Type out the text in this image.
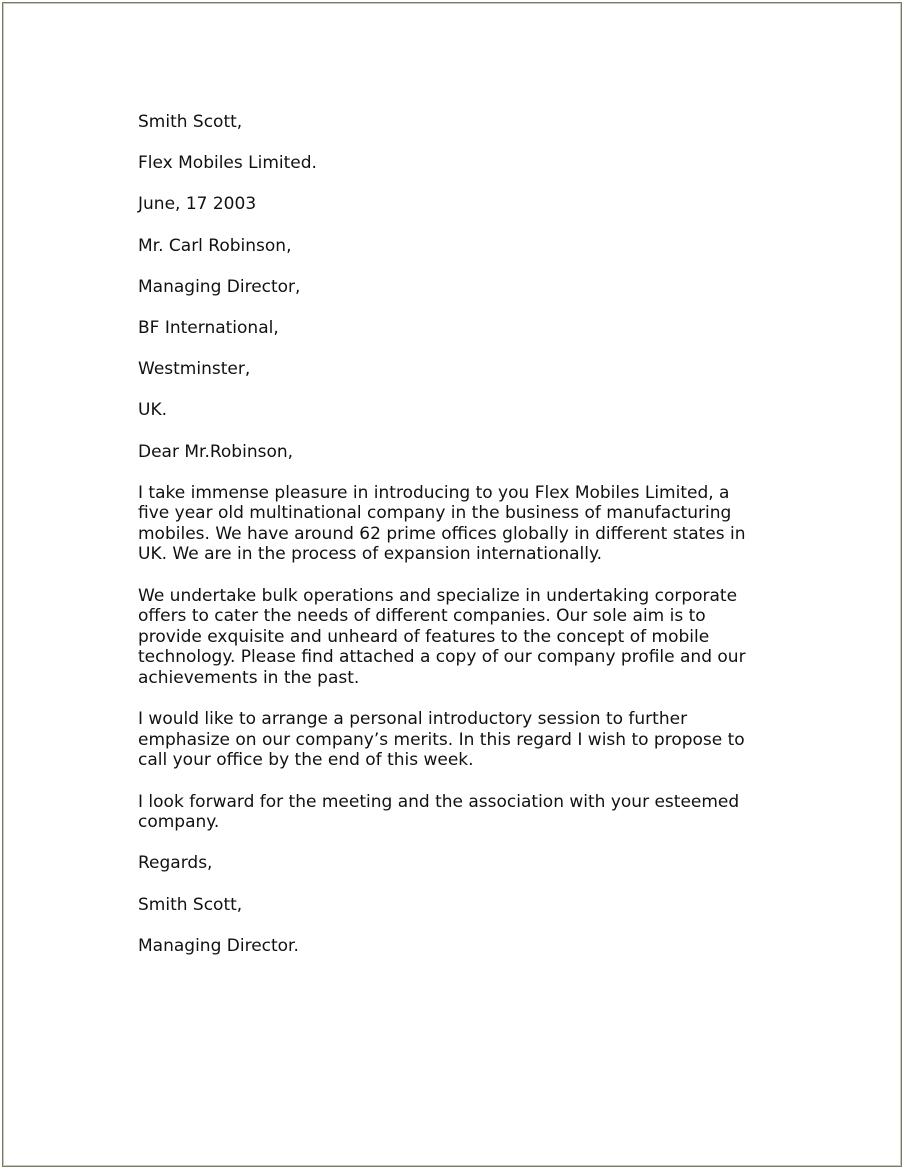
Smith Scott,

Flex Mobiles Limited.

June, 17 2003

Mr. Carl Robinson,

Managing Director,

BF International,

Westminster,

UK.

Dear Mr.Robinson,

I take immense pleasure in introducing to you Flex Mobiles Limited, a
five year old multinational company in the business of manufacturing
mobiles. We have around 62 prime offices globally in different states in
UK. We are in the process of expansion internationally.

We undertake bulk operations and specialize in undertaking corporate
offers to cater the needs of different companies. Our sole aim is to
provide exquisite and unheard of features to the concept of mobile
technology. Please find attached a copy of our company profile and our
achievements in the past.

I would like to arrange a personal introductory session to further
emphasize on our company’s merits. In this regard I wish to propose to
call your office by the end of this week.

I look forward for the meeting and the association with your esteemed
company.

Regards,

Smith Scott,

Managing Director.
